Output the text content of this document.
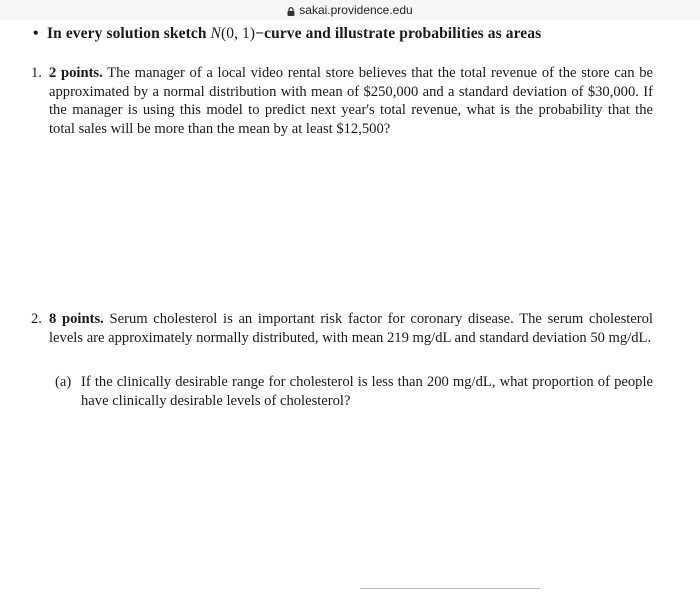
sakai.providence.edu
• In every solution sketch N(0, 1)−curve and illustrate probabilities as areas
1. 2 points. The manager of a local video rental store believes that the total revenue of the store can be approximated by a normal distribution with mean of $250,000 and a standard deviation of $30,000. If the manager is using this model to predict next year's total revenue, what is the probability that the total sales will be more than the mean by at least $12,500?
2. 8 points. Serum cholesterol is an important risk factor for coronary disease. The serum cholesterol levels are approximately normally distributed, with mean 219 mg/dL and standard deviation 50 mg/dL.
(a) If the clinically desirable range for cholesterol is less than 200 mg/dL, what proportion of people have clinically desirable levels of cholesterol?
